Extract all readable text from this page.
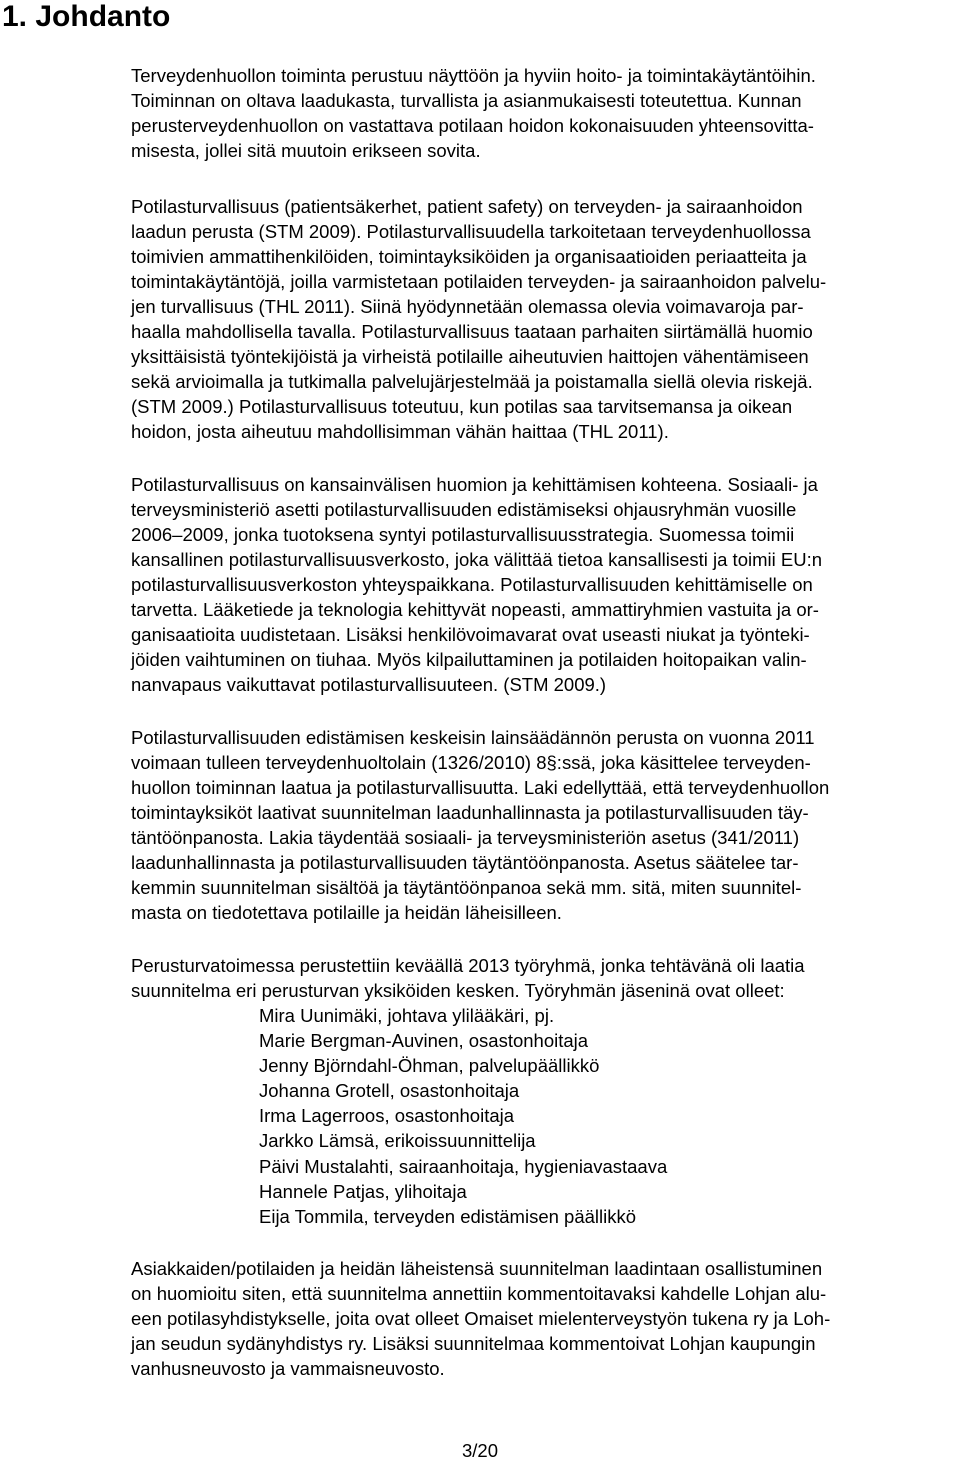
1. Johdanto

Terveydenhuollon toiminta perustuu näyttöön ja hyviin hoito- ja toimintakäytäntöihin.

Toiminnan on oltava laadukasta, turvallista ja asianmukaisesti toteutettua. Kunnan

perusterveydenhuollon on vastattava potilaan hoidon kokonaisuuden yhteensovitta-

misesta, jollei sitä muutoin erikseen sovita.

Potilasturvallisuus (patientsäkerhet, patient safety) on terveyden- ja sairaanhoidon

laadun perusta (STM 2009). Potilasturvallisuudella tarkoitetaan terveydenhuollossa

toimivien ammattihenkilöiden, toimintayksiköiden ja organisaatioiden periaatteita ja

toimintakäytäntöjä, joilla varmistetaan potilaiden terveyden- ja sairaanhoidon palvelu-

jen turvallisuus (THL 2011). Siinä hyödynnetään olemassa olevia voimavaroja par-

haalla mahdollisella tavalla. Potilasturvallisuus taataan parhaiten siirtämällä huomio

yksittäisistä työntekijöistä ja virheistä potilaille aiheutuvien haittojen vähentämiseen

sekä arvioimalla ja tutkimalla palvelujärjestelmää ja poistamalla siellä olevia riskejä.

(STM 2009.) Potilasturvallisuus toteutuu, kun potilas saa tarvitsemansa ja oikean

hoidon, josta aiheutuu mahdollisimman vähän haittaa (THL 2011).

Potilasturvallisuus on kansainvälisen huomion ja kehittämisen kohteena. Sosiaali- ja

terveysministeriö asetti potilasturvallisuuden edistämiseksi ohjausryhmän vuosille

2006–2009, jonka tuotoksena syntyi potilasturvallisuusstrategia. Suomessa toimii

kansallinen potilasturvallisuusverkosto, joka välittää tietoa kansallisesti ja toimii EU:n

potilasturvallisuusverkoston yhteyspaikkana. Potilasturvallisuuden kehittämiselle on

tarvetta. Lääketiede ja teknologia kehittyvät nopeasti, ammattiryhmien vastuita ja or-

ganisaatioita uudistetaan. Lisäksi henkilövoimavarat ovat useasti niukat ja työnteki-

jöiden vaihtuminen on tiuhaa. Myös kilpailuttaminen ja potilaiden hoitopaikan valin-

nanvapaus vaikuttavat potilasturvallisuuteen. (STM 2009.)

Potilasturvallisuuden edistämisen keskeisin lainsäädännön perusta on vuonna 2011

voimaan tulleen terveydenhuoltolain (1326/2010) 8§:ssä, joka käsittelee terveyden-

huollon toiminnan laatua ja potilasturvallisuutta. Laki edellyttää, että terveydenhuollon

toimintayksiköt laativat suunnitelman laadunhallinnasta ja potilasturvallisuuden täy-

täntöönpanosta. Lakia täydentää sosiaali- ja terveysministeriön asetus (341/2011)

laadunhallinnasta ja potilasturvallisuuden täytäntöönpanosta. Asetus säätelee tar-

kemmin suunnitelman sisältöä ja täytäntöönpanoa sekä mm. sitä, miten suunnitel-

masta on tiedotettava potilaille ja heidän läheisilleen.

Perusturvatoimessa perustettiin keväällä 2013 työryhmä, jonka tehtävänä oli laatia

suunnitelma eri perusturvan yksiköiden kesken. Työryhmän jäseninä ovat olleet:

Mira Uunimäki, johtava ylilääkäri, pj.

Marie Bergman-Auvinen, osastonhoitaja

Jenny Björndahl-Öhman, palvelupäällikkö

Johanna Grotell, osastonhoitaja

Irma Lagerroos, osastonhoitaja

Jarkko Lämsä, erikoissuunnittelija

Päivi Mustalahti, sairaanhoitaja, hygieniavastaava

Hannele Patjas, ylihoitaja

Eija Tommila, terveyden edistämisen päällikkö

Asiakkaiden/potilaiden ja heidän läheistensä suunnitelman laadintaan osallistuminen

on huomioitu siten, että suunnitelma annettiin kommentoitavaksi kahdelle Lohjan alu-

een potilasyhdistykselle, joita ovat olleet Omaiset mielenterveystyön tukena ry ja Loh-

jan seudun sydänyhdistys ry. Lisäksi suunnitelmaa kommentoivat Lohjan kaupungin

vanhusneuvosto ja vammaisneuvosto.

3/20
